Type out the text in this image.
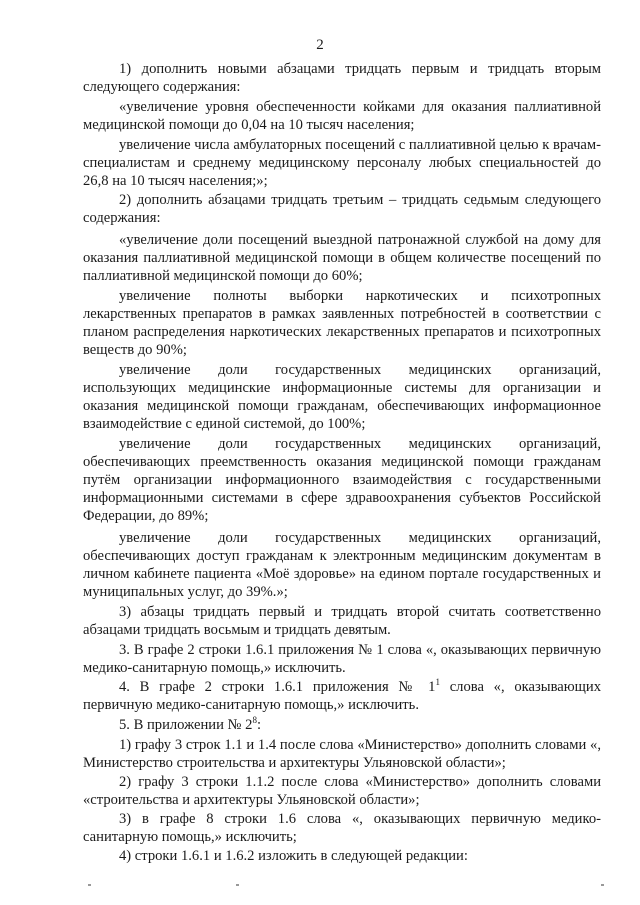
2

1) дополнить новыми абзацами тридцать первым и тридцать вторым следующего содержания:

«увеличение уровня обеспеченности койками для оказания паллиативной медицинской помощи до 0,04 на 10 тысяч населения;

увеличение числа амбулаторных посещений с паллиативной целью к врачам-специалистам и среднему медицинскому персоналу любых специальностей до 26,8 на 10 тысяч населения;»;

2) дополнить абзацами тридцать третьим – тридцать седьмым следующего содержания:

«увеличение доли посещений выездной патронажной службой на дому для оказания паллиативной медицинской помощи в общем количестве посещений по паллиативной медицинской помощи до 60%;

увеличение полноты выборки наркотических и психотропных лекарственных препаратов в рамках заявленных потребностей в соответствии с планом распределения наркотических лекарственных препаратов и психотропных веществ до 90%;

увеличение доли государственных медицинских организаций, использующих медицинские информационные системы для организации и оказания медицинской помощи гражданам, обеспечивающих информационное взаимодействие с единой системой, до 100%;

увеличение доли государственных медицинских организаций, обеспечивающих преемственность оказания медицинской помощи гражданам путём организации информационного взаимодействия с государственными информационными системами в сфере здравоохранения субъектов Российской Федерации, до 89%;

увеличение доли государственных медицинских организаций, обеспечивающих доступ гражданам к электронным медицинским документам в личном кабинете пациента «Моё здоровье» на едином портале государственных и муниципальных услуг, до 39%.»;

3) абзацы тридцать первый и тридцать второй считать соответственно абзацами тридцать восьмым и тридцать девятым.

3. В графе 2 строки 1.6.1 приложения № 1 слова «, оказывающих первичную медико-санитарную помощь,» исключить.

4. В графе 2 строки 1.6.1 приложения № $1^1$ слова «, оказывающих первичную медико-санитарную помощь,» исключить.

5. В приложении № $2^8$:

1) графу 3 строк 1.1 и 1.4 после слова «Министерство» дополнить словами «, Министерство строительства и архитектуры Ульяновской области»;

2) графу 3 строки 1.1.2 после слова «Министерство» дополнить словами «строительства и архитектуры Ульяновской области»;

3) в графе 8 строки 1.6 слова «, оказывающих первичную медико-санитарную помощь,» исключить;

4) строки 1.6.1 и 1.6.2 изложить в следующей редакции:
